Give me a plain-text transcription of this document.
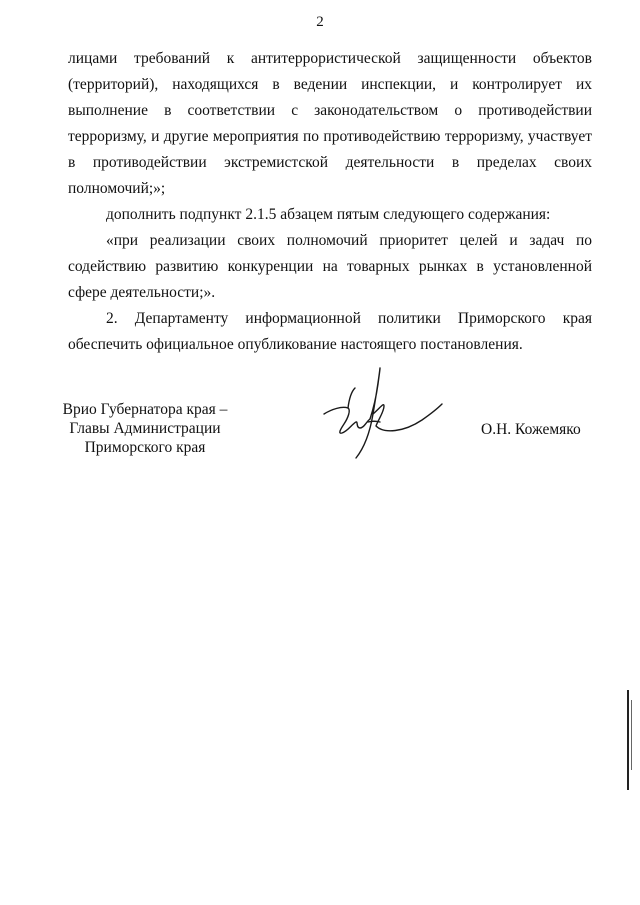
2

лицами требований к антитеррористической защищенности объектов (территорий), находящихся в ведении инспекции, и контролирует их выполнение в соответствии с законодательством о противодействии терроризму, и другие мероприятия по противодействию терроризму, участвует в противодействии экстремистской деятельности в пределах своих полномочий;»;

дополнить подпункт 2.1.5 абзацем пятым следующего содержания:

«при реализации своих полномочий приоритет целей и задач по содействию развитию конкуренции на товарных рынках в установленной сфере деятельности;».

2. Департаменту информационной политики Приморского края обеспечить официальное опубликование настоящего постановления.

Врио Губернатора края –
Главы Администрации
Приморского края
О.Н. Кожемяко
